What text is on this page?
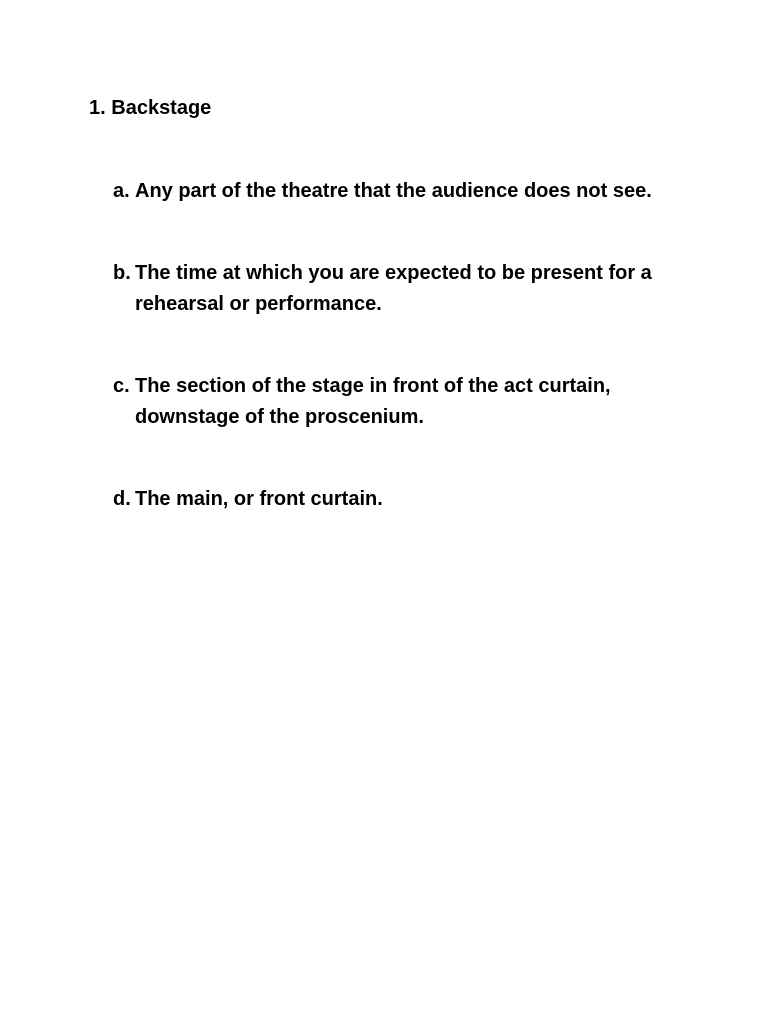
1. Backstage
a. Any part of the theatre that the audience does not see.
b. The time at which you are expected to be present for a rehearsal or performance.
c. The section of the stage in front of the act curtain, downstage of the proscenium.
d. The main, or front curtain.
